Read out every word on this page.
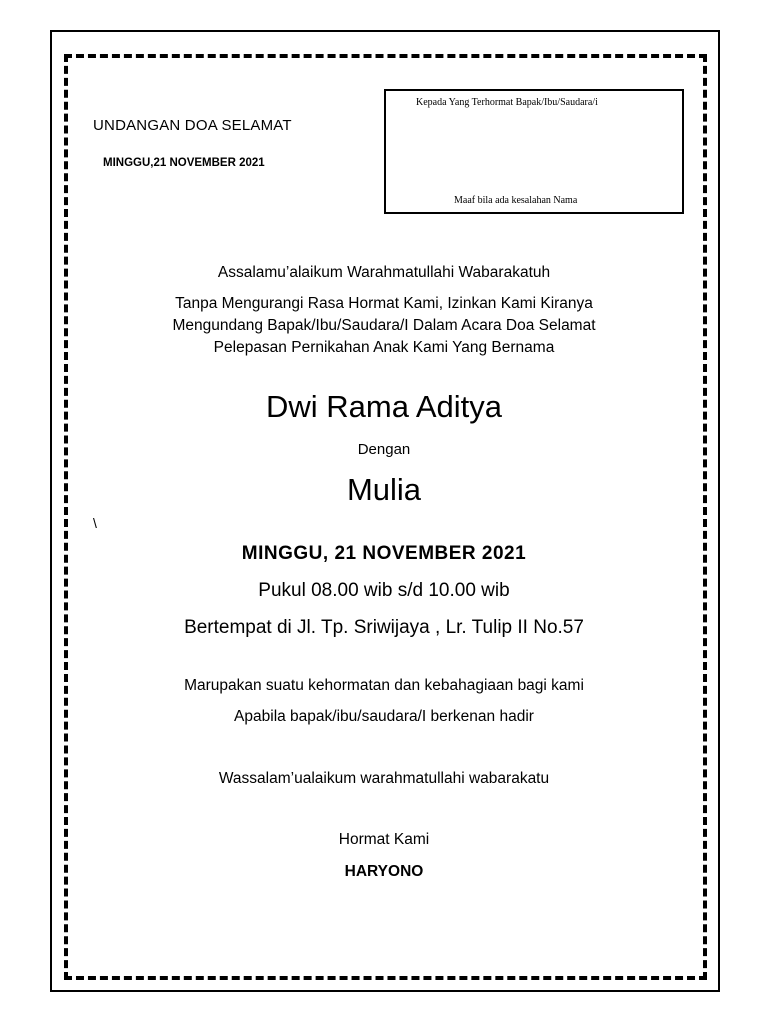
UNDANGAN DOA SELAMAT
MINGGU,21 NOVEMBER 2021
Kepada Yang Terhormat Bapak/Ibu/Saudara/i
Maaf bila ada kesalahan Nama
Assalamu’alaikum Warahmatullahi Wabarakatuh
Tanpa Mengurangi Rasa Hormat Kami, Izinkan Kami Kiranya
Mengundang Bapak/Ibu/Saudara/I Dalam Acara Doa Selamat
Pelepasan Pernikahan Anak Kami Yang Bernama
Dwi Rama Aditya
Dengan
Mulia
\
MINGGU, 21 NOVEMBER 2021
Pukul 08.00 wib s/d 10.00 wib
Bertempat di Jl. Tp. Sriwijaya , Lr. Tulip II No.57
Marupakan suatu kehormatan dan kebahagiaan bagi kami
Apabila bapak/ibu/saudara/I berkenan hadir
Wassalam’ualaikum warahmatullahi wabarakatu
Hormat Kami
HARYONO
